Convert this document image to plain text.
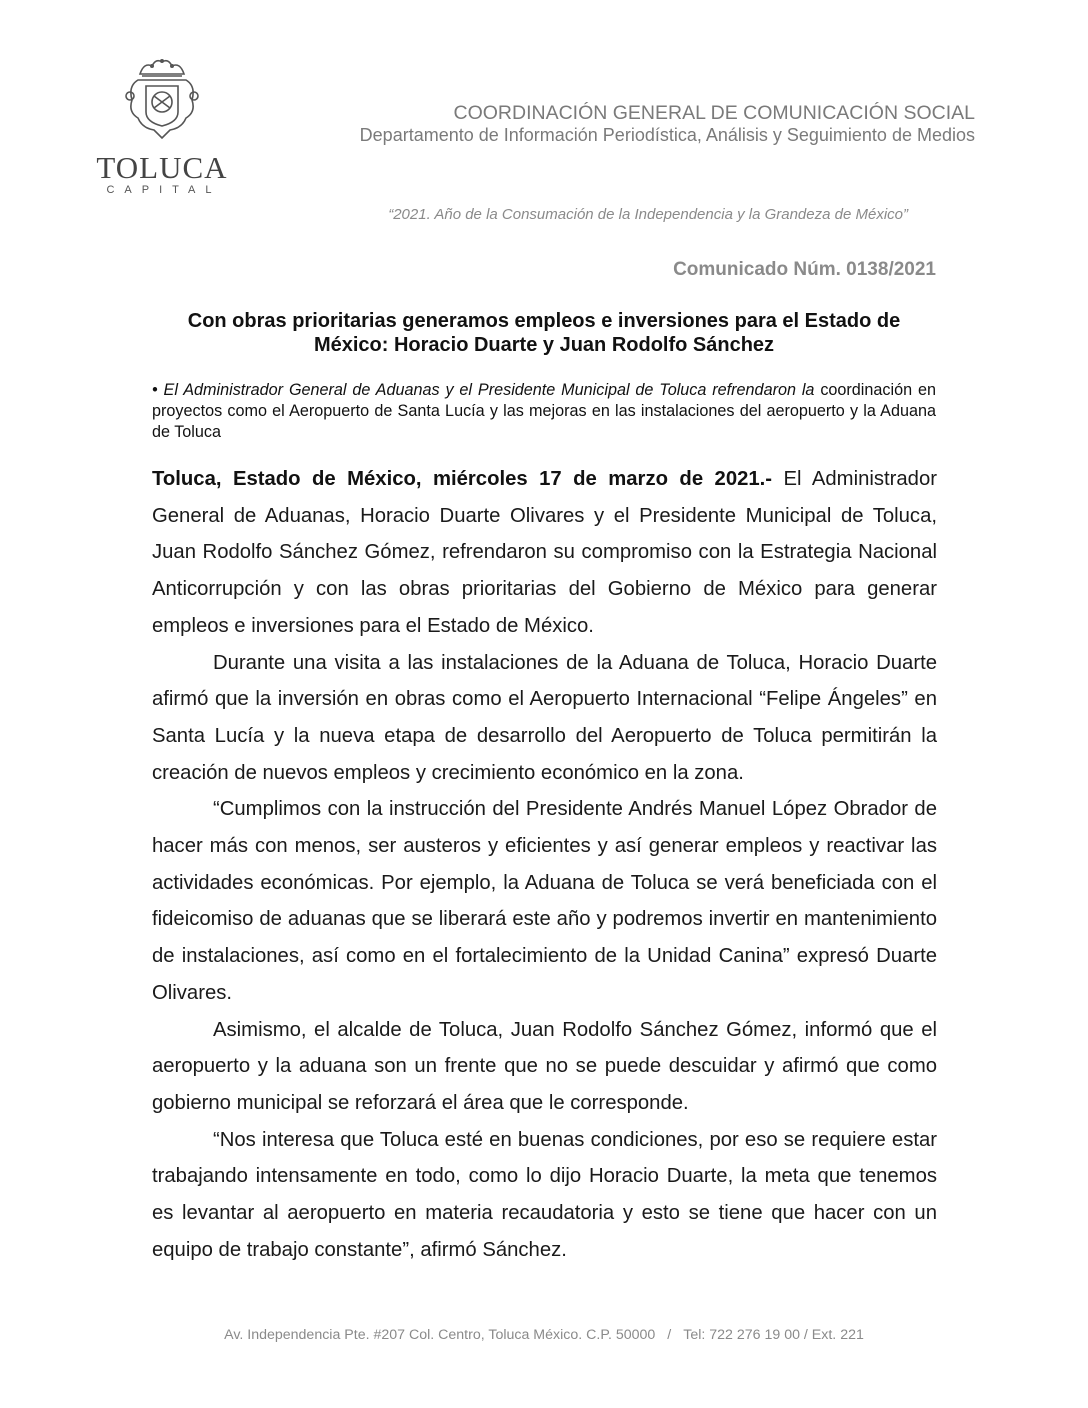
TOLUCA
CAPITAL
COORDINACIÓN GENERAL DE COMUNICACIÓN SOCIAL
Departamento de Información Periodística, Análisis y Seguimiento de Medios
“2021. Año de la Consumación de la Independencia y la Grandeza de México”
Comunicado Núm. 0138/2021
Con obras prioritarias generamos empleos e inversiones para el Estado de México: Horacio Duarte y Juan Rodolfo Sánchez
• El Administrador General de Aduanas y el Presidente Municipal de Toluca refrendaron la coordinación en proyectos como el Aeropuerto de Santa Lucía y las mejoras en las instalaciones del aeropuerto y la Aduana de Toluca

Toluca, Estado de México, miércoles 17 de marzo de 2021.- El Administrador General de Aduanas, Horacio Duarte Olivares y el Presidente Municipal de Toluca, Juan Rodolfo Sánchez Gómez, refrendaron su compromiso con la Estrategia Nacional Anticorrupción y con las obras prioritarias del Gobierno de México para generar empleos e inversiones para el Estado de México.

Durante una visita a las instalaciones de la Aduana de Toluca, Horacio Duarte afirmó que la inversión en obras como el Aeropuerto Internacional “Felipe Ángeles” en Santa Lucía y la nueva etapa de desarrollo del Aeropuerto de Toluca permitirán la creación de nuevos empleos y crecimiento económico en la zona.

“Cumplimos con la instrucción del Presidente Andrés Manuel López Obrador de hacer más con menos, ser austeros y eficientes y así generar empleos y reactivar las actividades económicas. Por ejemplo, la Aduana de Toluca se verá beneficiada con el fideicomiso de aduanas que se liberará este año y podremos invertir en mantenimiento de instalaciones, así como en el fortalecimiento de la Unidad Canina” expresó Duarte Olivares.

Asimismo, el alcalde de Toluca, Juan Rodolfo Sánchez Gómez, informó que el aeropuerto y la aduana son un frente que no se puede descuidar y afirmó que como gobierno municipal se reforzará el área que le corresponde.

“Nos interesa que Toluca esté en buenas condiciones, por eso se requiere estar trabajando intensamente en todo, como lo dijo Horacio Duarte, la meta que tenemos es levantar al aeropuerto en materia recaudatoria y esto se tiene que hacer con un equipo de trabajo constante”, afirmó Sánchez.

Av. Independencia Pte. #207 Col. Centro, Toluca México. C.P. 50000 / Tel: 722 276 19 00 / Ext. 221
